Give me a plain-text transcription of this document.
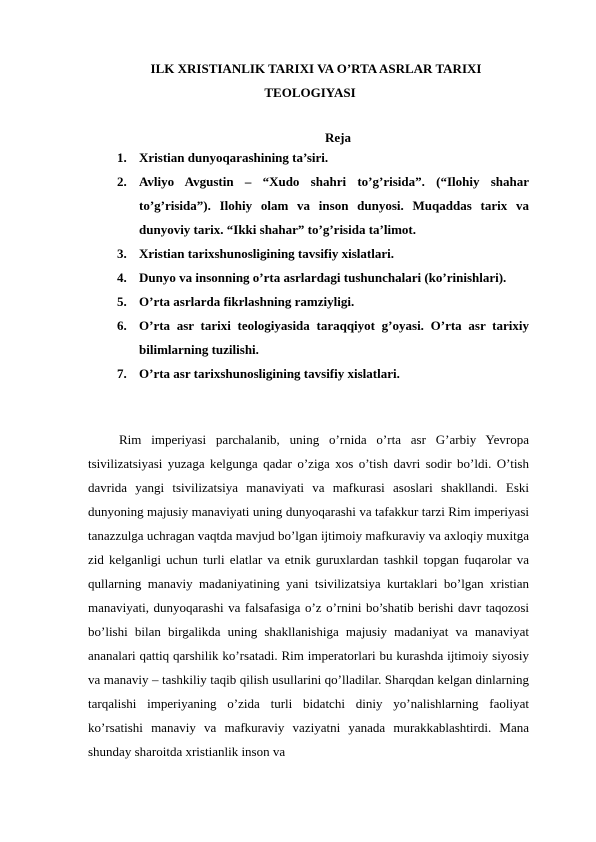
ILK XRISTIANLIK TARIXI VA O’RTA ASRLAR TARIXI
TEOLOGIYASI
Reja
1. Xristian dunyoqarashining ta’siri.
2. Avliyo Avgustin – “Xudo shahri to’g’risida”. (“Ilohiy shahar to’g’risida”). Ilohiy olam va inson dunyosi. Muqaddas tarix va dunyoviy tarix. “Ikki shahar” to’g’risida ta’limot.
3. Xristian tarixshunosligining tavsifiy xislatlari.
4. Dunyo va insonning o’rta asrlardagi tushunchalari (ko’rinishlari).
5. O’rta asrlarda fikrlashning ramziyligi.
6. O’rta asr tarixi teologiyasida taraqqiyot g’oyasi. O’rta asr tarixiy bilimlarning tuzilishi.
7. O’rta asr tarixshunosligining tavsifiy xislatlari.

Rim imperiyasi parchalanib, uning o’rnida o’rta asr G’arbiy Yevropa tsivilizatsiyasi yuzaga kelgunga qadar o’ziga xos o’tish davri sodir bo’ldi. O’tish davrida yangi tsivilizatsiya manaviyati va mafkurasi asoslari shakllandi. Eski dunyoning majusiy manaviyati uning dunyoqarashi va tafakkur tarzi Rim imperiyasi tanazzulga uchragan vaqtda mavjud bo’lgan ijtimoiy mafkuraviy va axloqiy muxitga zid kelganligi uchun turli elatlar va etnik guruxlardan tashkil topgan fuqarolar va qullarning manaviy madaniyatining yani tsivilizatsiya kurtaklari bo’lgan xristian manaviyati, dunyoqarashi va falsafasiga o’z o’rnini bo’shatib berishi davr taqozosi bo’lishi bilan birgalikda uning shakllanishiga majusiy madaniyat va manaviyat ananalari qattiq qarshilik ko’rsatadi. Rim imperatorlari bu kurashda ijtimoiy siyosiy va manaviy – tashkiliy taqib qilish usullarini qo’lladilar. Sharqdan kelgan dinlarning tarqalishi imperiyaning o’zida turli bidatchi diniy yo’nalishlarning faoliyat ko’rsatishi manaviy va mafkuraviy vaziyatni yanada murakkablashtirdi. Mana shunday sharoitda xristianlik inson va
